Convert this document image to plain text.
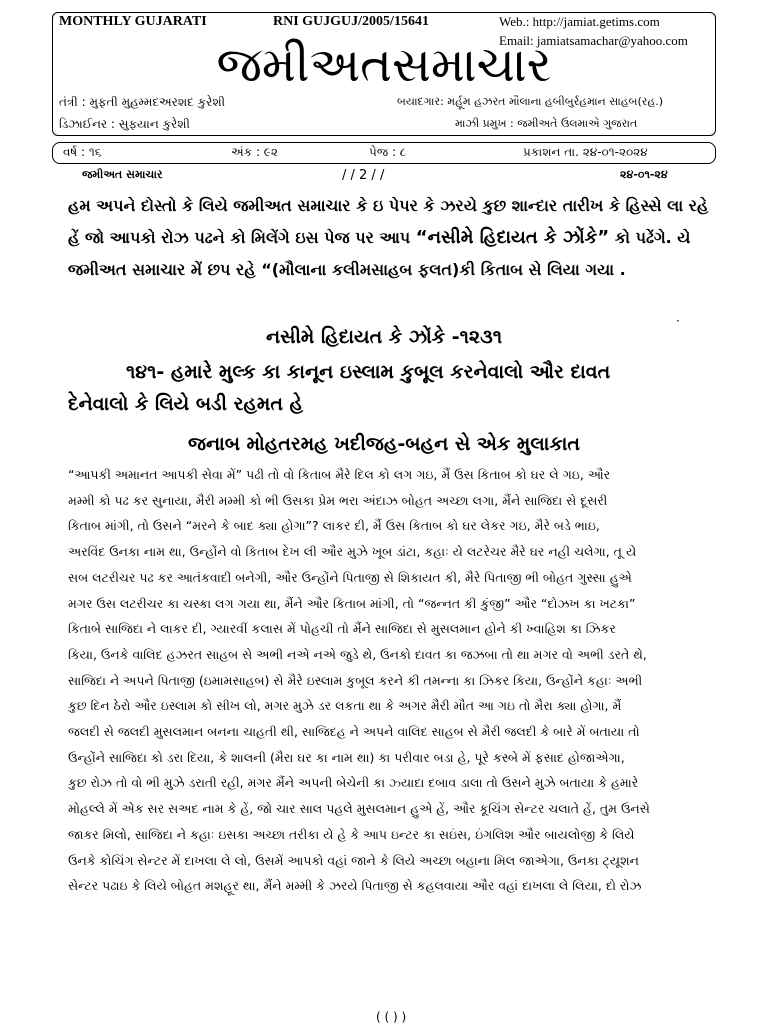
MONTHLY GUJARATI	RNI GUJGUJ/2005/15641	Web.: http://jamiat.getims.com
Email: jamiatsamachar@yahoo.com
જમીઅતસમાચાર
તંત્રી : મુફતી મુહમ્મદઅરશદ કુરેશી
ડિઝાઈનર : સુફયાન કુરેશી
બયાદગાર: મર્હૂમ હઝરત મૌલાના હબીબુર્રહમાન સાહબ(રહ.)
માઝી પ્રમુખ : જમીઅતે ઉલમાએ ગુજરાત
વર્ષ : ૧૬	અંક : ૯૨	પેજ : ૮	પ્રકાશન તા. ૨૪-૦૧-૨૦૨૪
જમીઅત સમાચાર	/ / 2 / /	૨૪-૦૧-૨૪

હમ અપને દોસ્તો કે લિયે જમીઅત સમાચાર કે ઇ પેપર કે ઝરયે કુછ શાન્દાર તારીખ કે હિસ્સે લા રહે હેં જો આપકો રોઝ પઢને કો મિલેંગે ઇસ પેજ પર આપ “નસીમે હિદાયત કે ઝોંકે” કો પઢેંગે. યે જમીઅત સમાચાર મેં છપ રહે “(મૌલાના કલીમસાહબ ફલત)કી કિતાબ સે લિયા ગયા .

·
નસીમે હિદાયત કે ઝોંકે -૧૨૩૧
૧૪૧- હમારે મુલ્ક કા કાનૂન ઇસ્લામ કુબૂલ કરનેવાલો ઔર દાવત
દેનેવાલો કે લિયે બડી રહમત હે
જનાબ મોહતરમહ ખદીજહ-બહન સે એક મુલાકાત

“આપકી અમાનત આપકી સેવા મેં” પઢી તો વો કિતાબ મૈરે દિલ કો લગ ગઇ, મૈં ઉસ કિતાબ કો ઘર લે ગઇ, ઔર
મમ્મી કો પઢ કર સુનાયા, મૈરી મમ્મી કો ભી ઉસકા પ્રેમ ભરા અંદાઝ બોહત અચ્છા લગા, મૈંને સાજિદા સે દૂસરી
કિતાબ માંગી, તો ઉસને “મરને કે બાદ ક્યા હોગા”? લાકર દી, મૈં ઉસ કિતાબ કો ઘર લેકર ગઇ, મૈરે બડે ભાઇ,
અરવિંદ ઉનકા નામ થા, ઉન્હોંને વો કિતાબ દેખ લી ઔર મુઝે ખૂબ ડાંટા, કહાઃ યે લટરેચર મૈરે ઘર નહી ચલેગા, તૂ યે
સબ લટરીચર પઢ કર આતંકવાદી બનેગી, ઔર ઉન્હોંને પિતાજી સે શિકાયત કી, મૈરે પિતાજી ભી બોહત ગુસ્સા હુએ
મગર ઉસ લટરીચર કા ચસ્કા લગ ગયા થા, મૈંને ઔર કિતાબ માંગી, તો “જન્નત કી કુંજી” ઔર “દોઝખ કા ખટકા”
કિતાબે સાજિદા ને લાકર દી, ગ્યારવીં કલાસ મેં પોહચી તો મૈંને સાજિદા સે મુસલમાન હોને કી ખ્વાહિશ કા ઝિકર
કિયા, ઉનકે વાલિદ હઝરત સાહબ સે અભી નએ નએ જુડે થે, ઉનકો દાવત કા જઝબા તો થા મગર વો અભી ડરતે થે,
સાજિદા ને અપને પિતાજી (ઇમામસાહબ) સે મૈરે ઇસ્લામ કુબૂલ કરને કી તમન્ના કા ઝિકર કિયા, ઉન્હોંને કહાઃ અભી
કુછ દિન ઠેરો ઔર ઇસ્લામ કો સીખ લો, મગર મુઝે ડર લકતા થા કે અગર મૈરી મૌત આ ગઇ તો મૈરા ક્યા હોગા, મૈં
જલદી સે જલદી મુસલમાન બનના ચાહતી થી, સાજિદહ ને અપને વાલિદ સાહબ સે મૈરી જલદી કે બારે મેં બતાયા તો
ઉન્હોંને સાજિદા કો ડરા દિયા, કે શાલની (મૈરા ઘર કા નામ થા) કા પરીવાર બડા હે, પૂરે કસ્બે મેં ફસાદ હોજાએગા,
કુછ રોઝ તો વો ભી મુઝે ડરાતી રહી, મગર મૈંને અપની બેચેની કા ઝ્યાદા દબાવ ડાલા તો ઉસને મુઝે બતાયા કે હમારે
મોહલ્લે મેં એક સર સઅદ નામ કે હેં, જો ચાર સાલ પહલે મુસલમાન હુએ હેં, ઔર કૂચિંગ સેન્ટર ચલાતે હેં, તુમ ઉનસે
જાકર મિલો, સાજિદા ને કહાઃ ઇસકા અચ્છા તરીકા યે હે કે આપ ઇન્ટર કા સઇંસ, ઇંગલિશ ઔર બાયલોજી કે લિયે
ઉનકે કોચિંગ સેન્ટર મેં દાખલા લે લો, ઉસમેં આપકો વહાં જાને કે લિયે અચ્છા બહાના મિલ જાએગા, ઉનકા ટ્યૂશન
સેન્ટર પઢાઇ કે લિયે બોહત મશહૂર થા, મૈંને મમ્મી કે ઝરયે પિતાજી સે કહલવાયા ઔર વહાં દાખલા લે લિયા, દો રોઝ

( ( ) )
